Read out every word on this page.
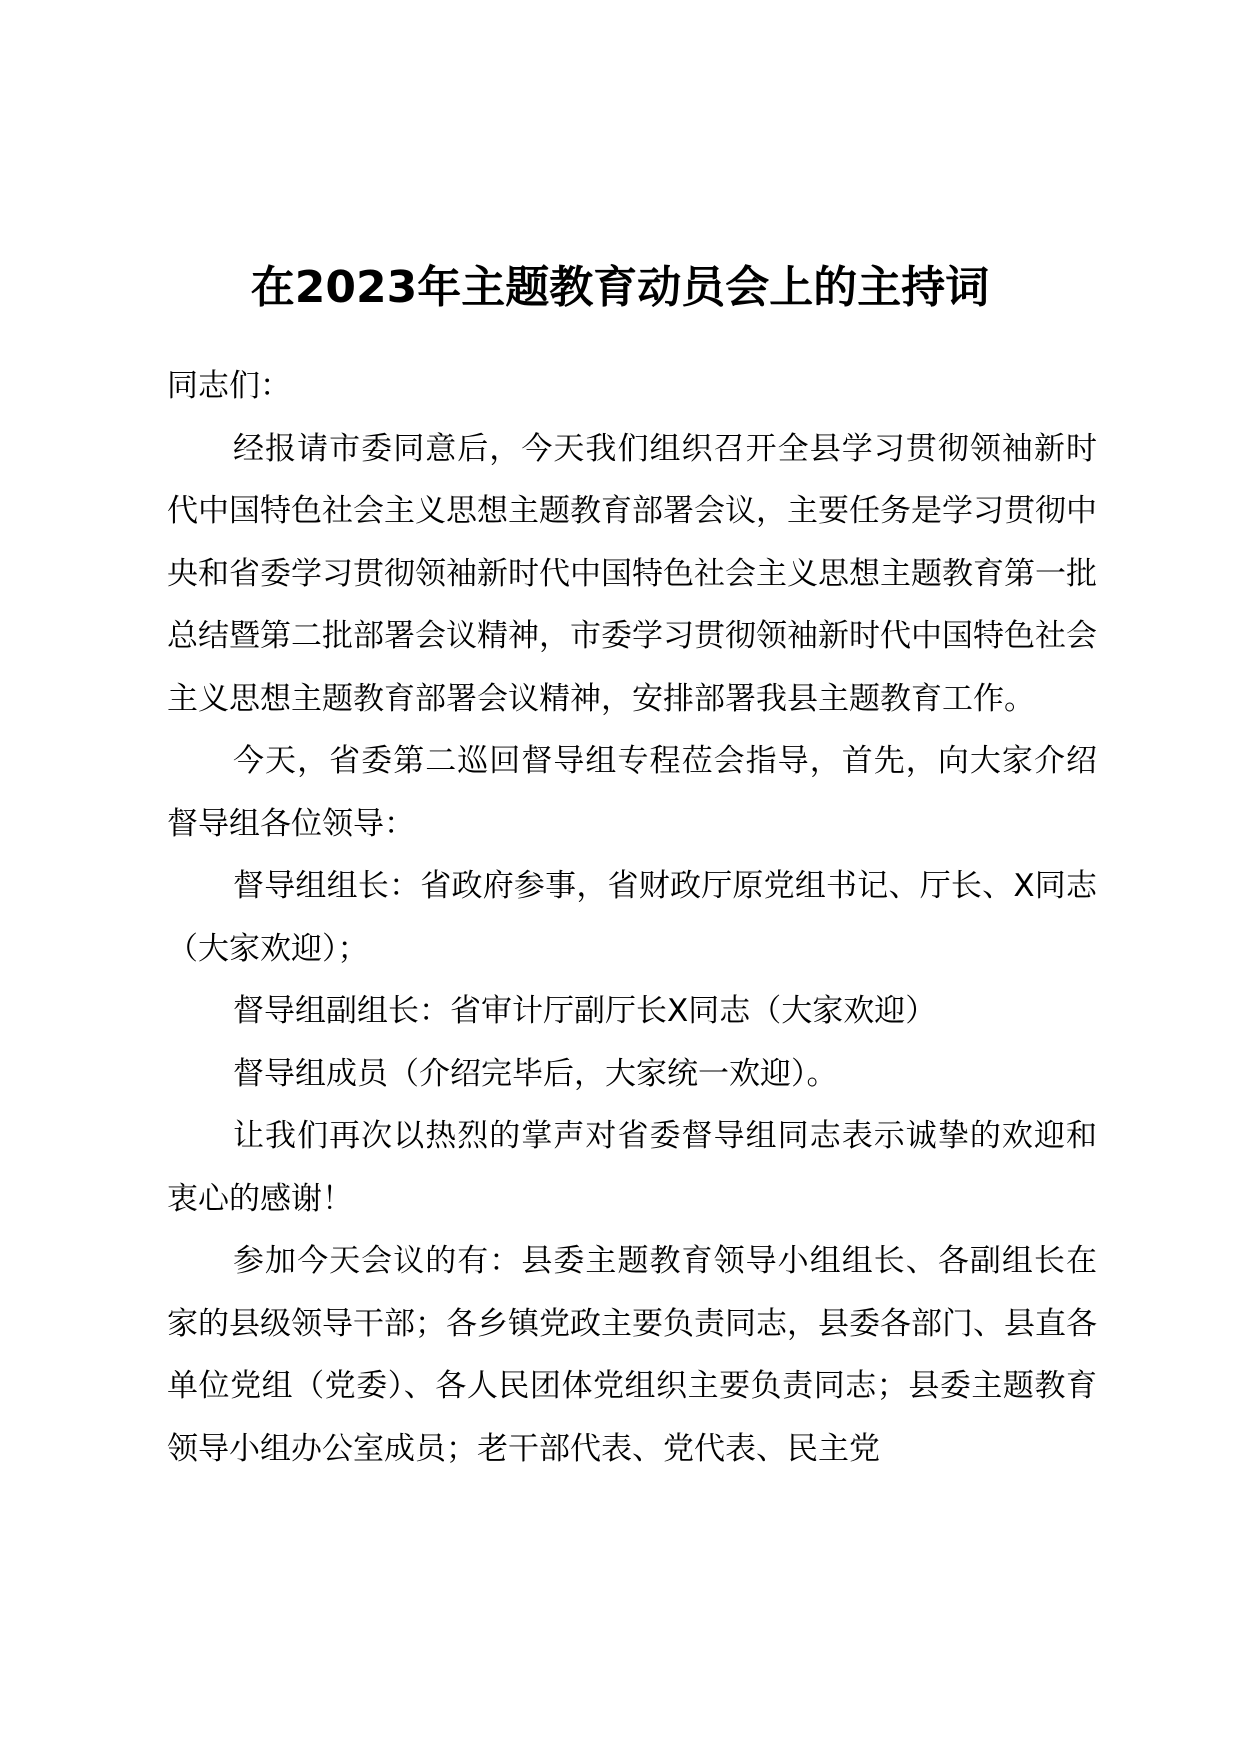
在2023年主题教育动员会上的主持词

同志们：

经报请市委同意后，今天我们组织召开全县学习贯彻领袖新时代中国特色社会主义思想主题教育部署会议，主要任务是学习贯彻中央和省委学习贯彻领袖新时代中国特色社会主义思想主题教育第一批总结暨第二批部署会议精神，市委学习贯彻领袖新时代中国特色社会主义思想主题教育部署会议精神，安排部署我县主题教育工作。

今天，省委第二巡回督导组专程莅会指导，首先，向大家介绍督导组各位领导：

督导组组长：省政府参事，省财政厅原党组书记、厅长、X同志（大家欢迎）；

督导组副组长：省审计厅副厅长X同志（大家欢迎）

督导组成员（介绍完毕后，大家统一欢迎）。

让我们再次以热烈的掌声对省委督导组同志表示诚挚的欢迎和衷心的感谢！

参加今天会议的有：县委主题教育领导小组组长、各副组长在家的县级领导干部；各乡镇党政主要负责同志，县委各部门、县直各单位党组（党委）、各人民团体党组织主要负责同志；县委主题教育领导小组办公室成员；老干部代表、党代表、民主党
